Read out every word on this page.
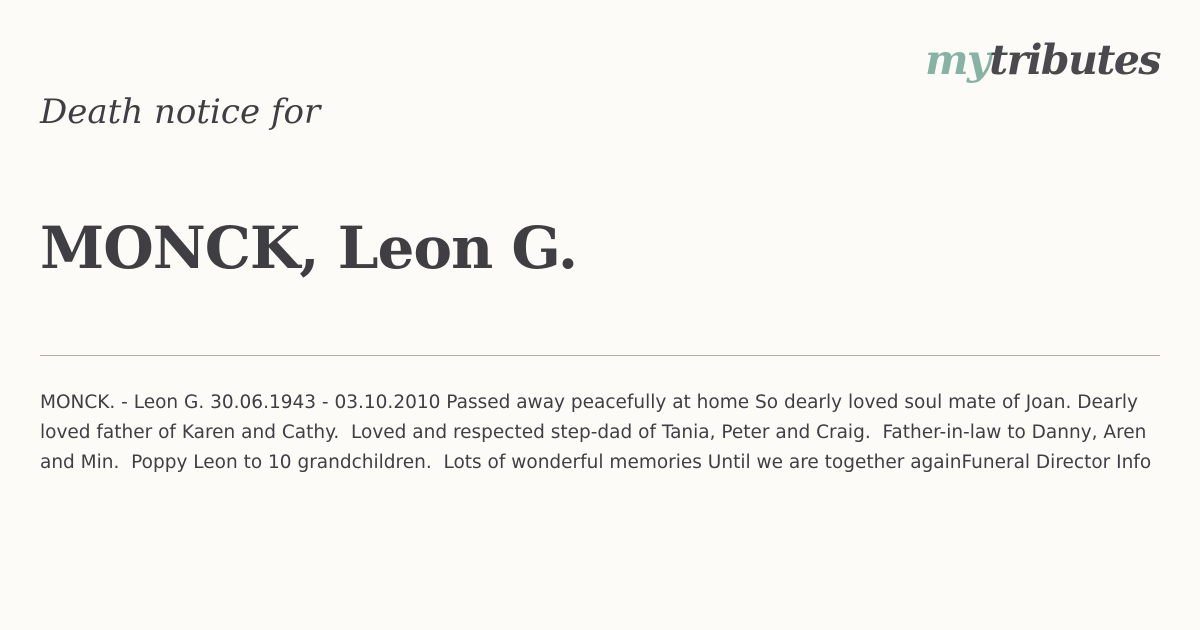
mytributes
Death notice for
MONCK, Leon G.

MONCK. - Leon G. 30.06.1943 - 03.10.2010 Passed away peacefully at home So dearly loved soul mate of Joan. Dearly loved father of Karen and Cathy.  Loved and respected step-dad of Tania, Peter and Craig.  Father-in-law to Danny, Aren and Min.  Poppy Leon to 10 grandchildren.  Lots of wonderful memories Until we are together againFuneral Director Info
